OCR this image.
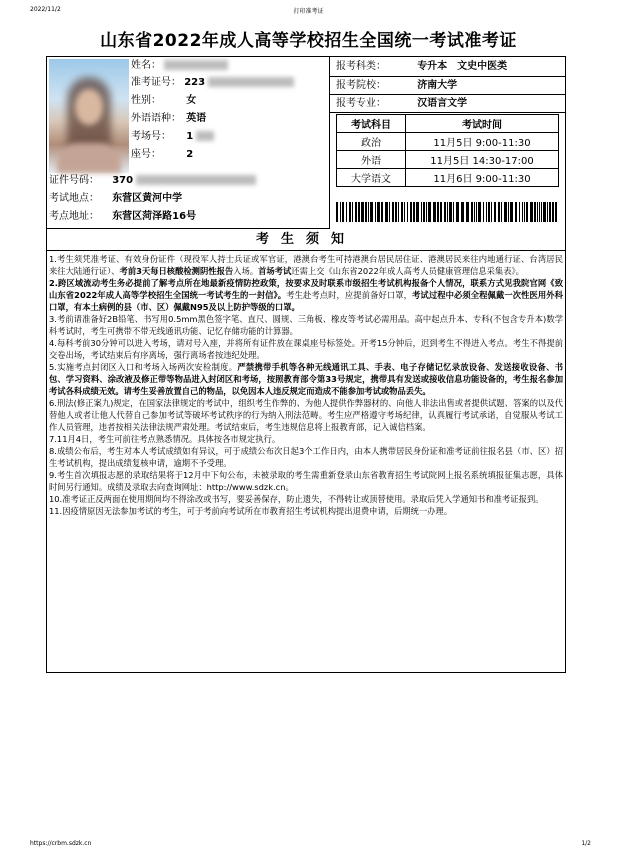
2022/11/2	打印准考证
山东省2022年成人高等学校招生全国统一考试准考证
姓名：
准考证号： 223
性别：	女
外语语种： 英语
考场号： 1
座号：	2
证件号码： 370
考试地点： 东营区黄河中学
考点地址： 东营区菏泽路16号
报考科类：	专升本　文史中医类
报考院校：	济南大学
报考专业：	汉语言文学
考试科目	考试时间
政治	11月5日 9:00-11:30
外语	11月5日 14:30-17:00
大学语文	11月6日 9:00-11:30
考生须知

1.考生须凭准考证、有效身份证件（现役军人持士兵证或军官证，港澳台考生可持港澳台居民居住证、港澳居民来往内地通行证、台湾居民来往大陆通行证）、考前3天每日核酸检测阴性报告入场。首场考试还需上交《山东省2022年成人高考人员健康管理信息采集表》。

2.跨区域流动考生务必提前了解考点所在地最新疫情防控政策，按要求及时联系市级招生考试机构报备个人情况，联系方式见我院官网《致山东省2022年成人高等学校招生全国统一考试考生的一封信》。考生赴考点时，应提前备好口罩，考试过程中必须全程佩戴一次性医用外科口罩，有本土病例的县（市、区）佩戴N95及以上防护等级的口罩。

3.考前请准备好2B铅笔、书写用0.5mm黑色签字笔、直尺、圆规、三角板、橡皮等考试必需用品。高中起点升本、专科(不包含专升本)数学科考试时，考生可携带不带无线通讯功能、记忆存储功能的计算器。

4.每科考前30分钟可以进入考场，请对号入座，并将所有证件放在课桌座号标签处。开考15分钟后，迟到考生不得进入考点。考生不得提前交卷出场，考试结束后有序离场，强行离场者按违纪处理。

5.实施考点封闭区入口和考场入场两次安检制度。严禁携带手机等各种无线通讯工具、手表、电子存储记忆录放设备、发送接收设备、书包、学习资料、涂改液及修正带等物品进入封闭区和考场，按照教育部令第33号规定，携带具有发送或接收信息功能设备的，考生报名参加考试各科成绩无效。请考生妥善放置自己的物品，以免因本人违反规定而造成不能参加考试或物品丢失。

6.刑法(修正案九)规定，在国家法律规定的考试中，组织考生作弊的、为他人提供作弊器材的、向他人非法出售或者提供试题、答案的以及代替他人或者让他人代替自己参加考试等破坏考试秩序的行为纳入刑法范畴。考生应严格遵守考场纪律，认真履行考试承诺，自觉服从考试工作人员管理，违者按相关法律法规严肃处理。考试结束后，考生违规信息将上报教育部，记入诚信档案。

7.11月4日，考生可前往考点熟悉情况。具体按各市规定执行。

8.成绩公布后，考生对本人考试成绩如有异议，可于成绩公布次日起3个工作日内，由本人携带居民身份证和准考证前往报名县（市、区）招生考试机构，提出成绩复核申请，逾期不予受理。

9.考生首次填报志愿的录取结果将于12月中下旬公布，未被录取的考生需重新登录山东省教育招生考试院网上报名系统填报征集志愿，具体时间另行通知。成绩及录取去向查询网址：http://www.sdzk.cn。

10.准考证正反两面在使用期间均不得涂改或书写，要妥善保存，防止遗失，不得转让或顶替使用。录取后凭入学通知书和准考证报到。

11.因疫情原因无法参加考试的考生，可于考前向考试所在市教育招生考试机构提出退费申请，后期统一办理。

https://crbm.sdzk.cn	1/2
